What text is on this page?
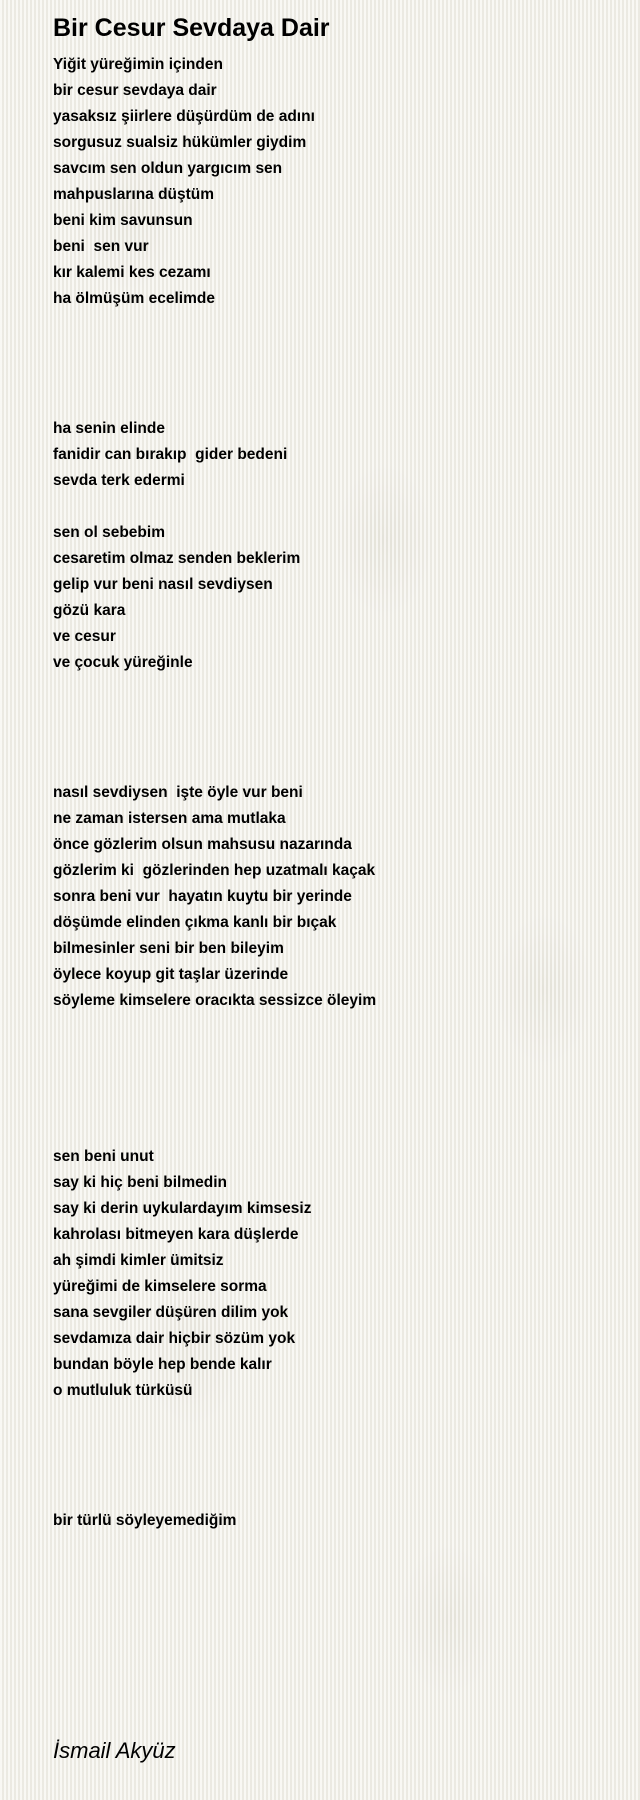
Bir Cesur Sevdaya Dair
Yiğit yüreğimin içinden
bir cesur sevdaya dair
yasaksız şiirlere düşürdüm de adını
sorgusuz sualsiz hükümler giydim
savcım sen oldun yargıcım sen
mahpuslarına düştüm
beni kim savunsun
beni  sen vur
kır kalemi kes cezamı
ha ölmüşüm ecelimde
ha senin elinde
fanidir can bırakıp  gider bedeni
sevda terk edermi
sen ol sebebim
cesaretim olmaz senden beklerim
gelip vur beni nasıl sevdiysen
gözü kara
ve cesur
ve çocuk yüreğinle
nasıl sevdiysen  işte öyle vur beni
ne zaman istersen ama mutlaka
önce gözlerim olsun mahsusu nazarında
gözlerim ki  gözlerinden hep uzatmalı kaçak
sonra beni vur  hayatın kuytu bir yerinde
döşümde elinden çıkma kanlı bir bıçak
bilmesinler seni bir ben bileyim
öylece koyup git taşlar üzerinde
söyleme kimselere oracıkta sessizce öleyim
sen beni unut
say ki hiç beni bilmedin
say ki derin uykulardayım kimsesiz
kahrolası bitmeyen kara düşlerde
ah şimdi kimler ümitsiz
yüreğimi de kimselere sorma
sana sevgiler düşüren dilim yok
sevdamıza dair hiçbir sözüm yok
bundan böyle hep bende kalır
o mutluluk türküsü
bir türlü söyleyemediğim
İsmail Akyüz
